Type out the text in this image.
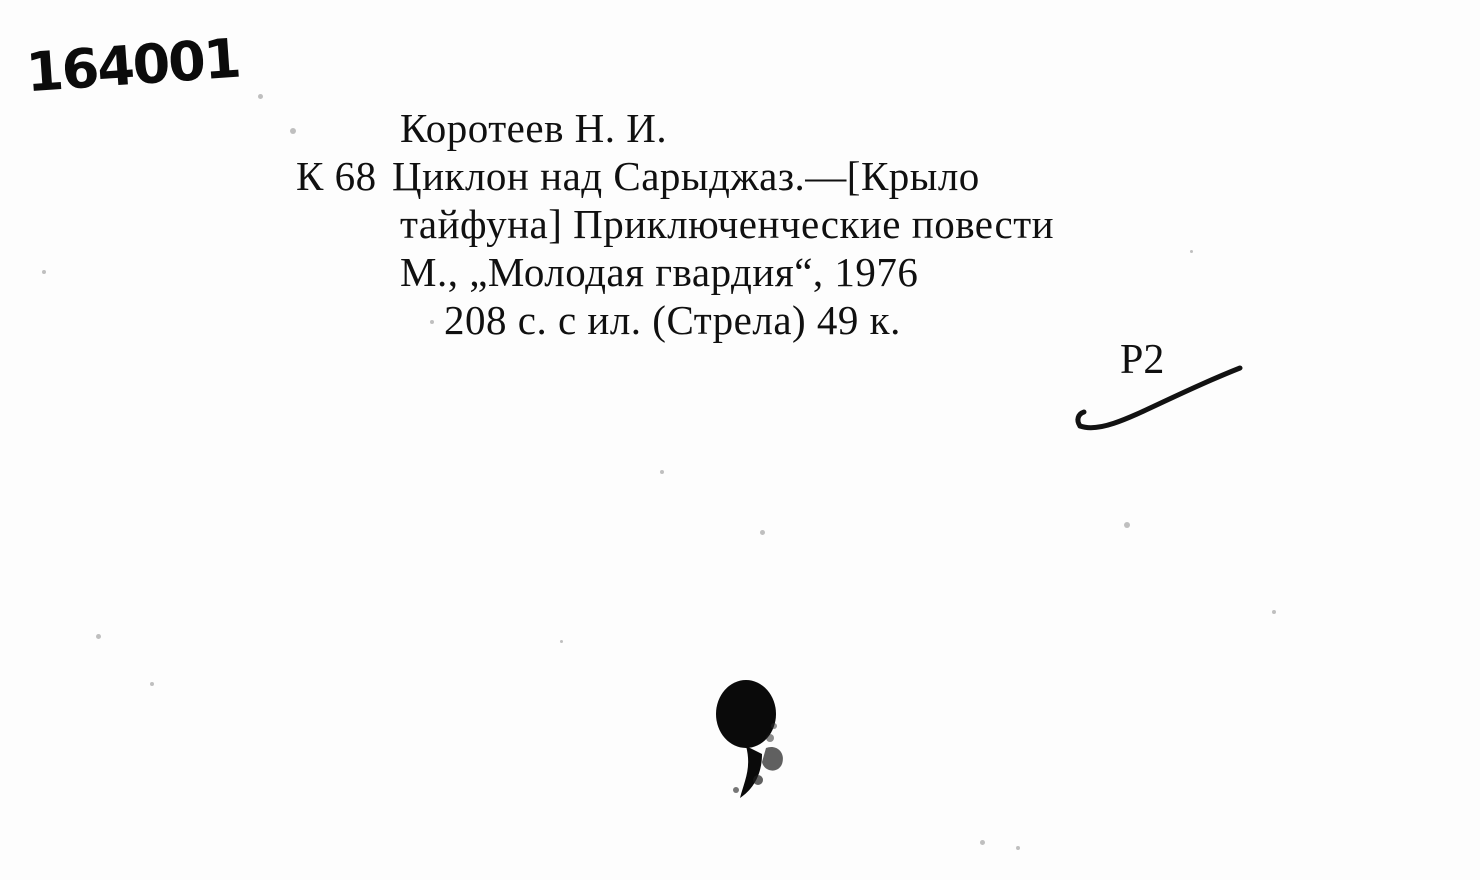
164001
Коротеев Н. И.
К 68 Циклон над Сарыджаз.—[Крыло
тайфуна] Приключенческие повести
М., „Молодая гвардия“, 1976
208 с. с ил. (Стрела) 49 к.
P2
